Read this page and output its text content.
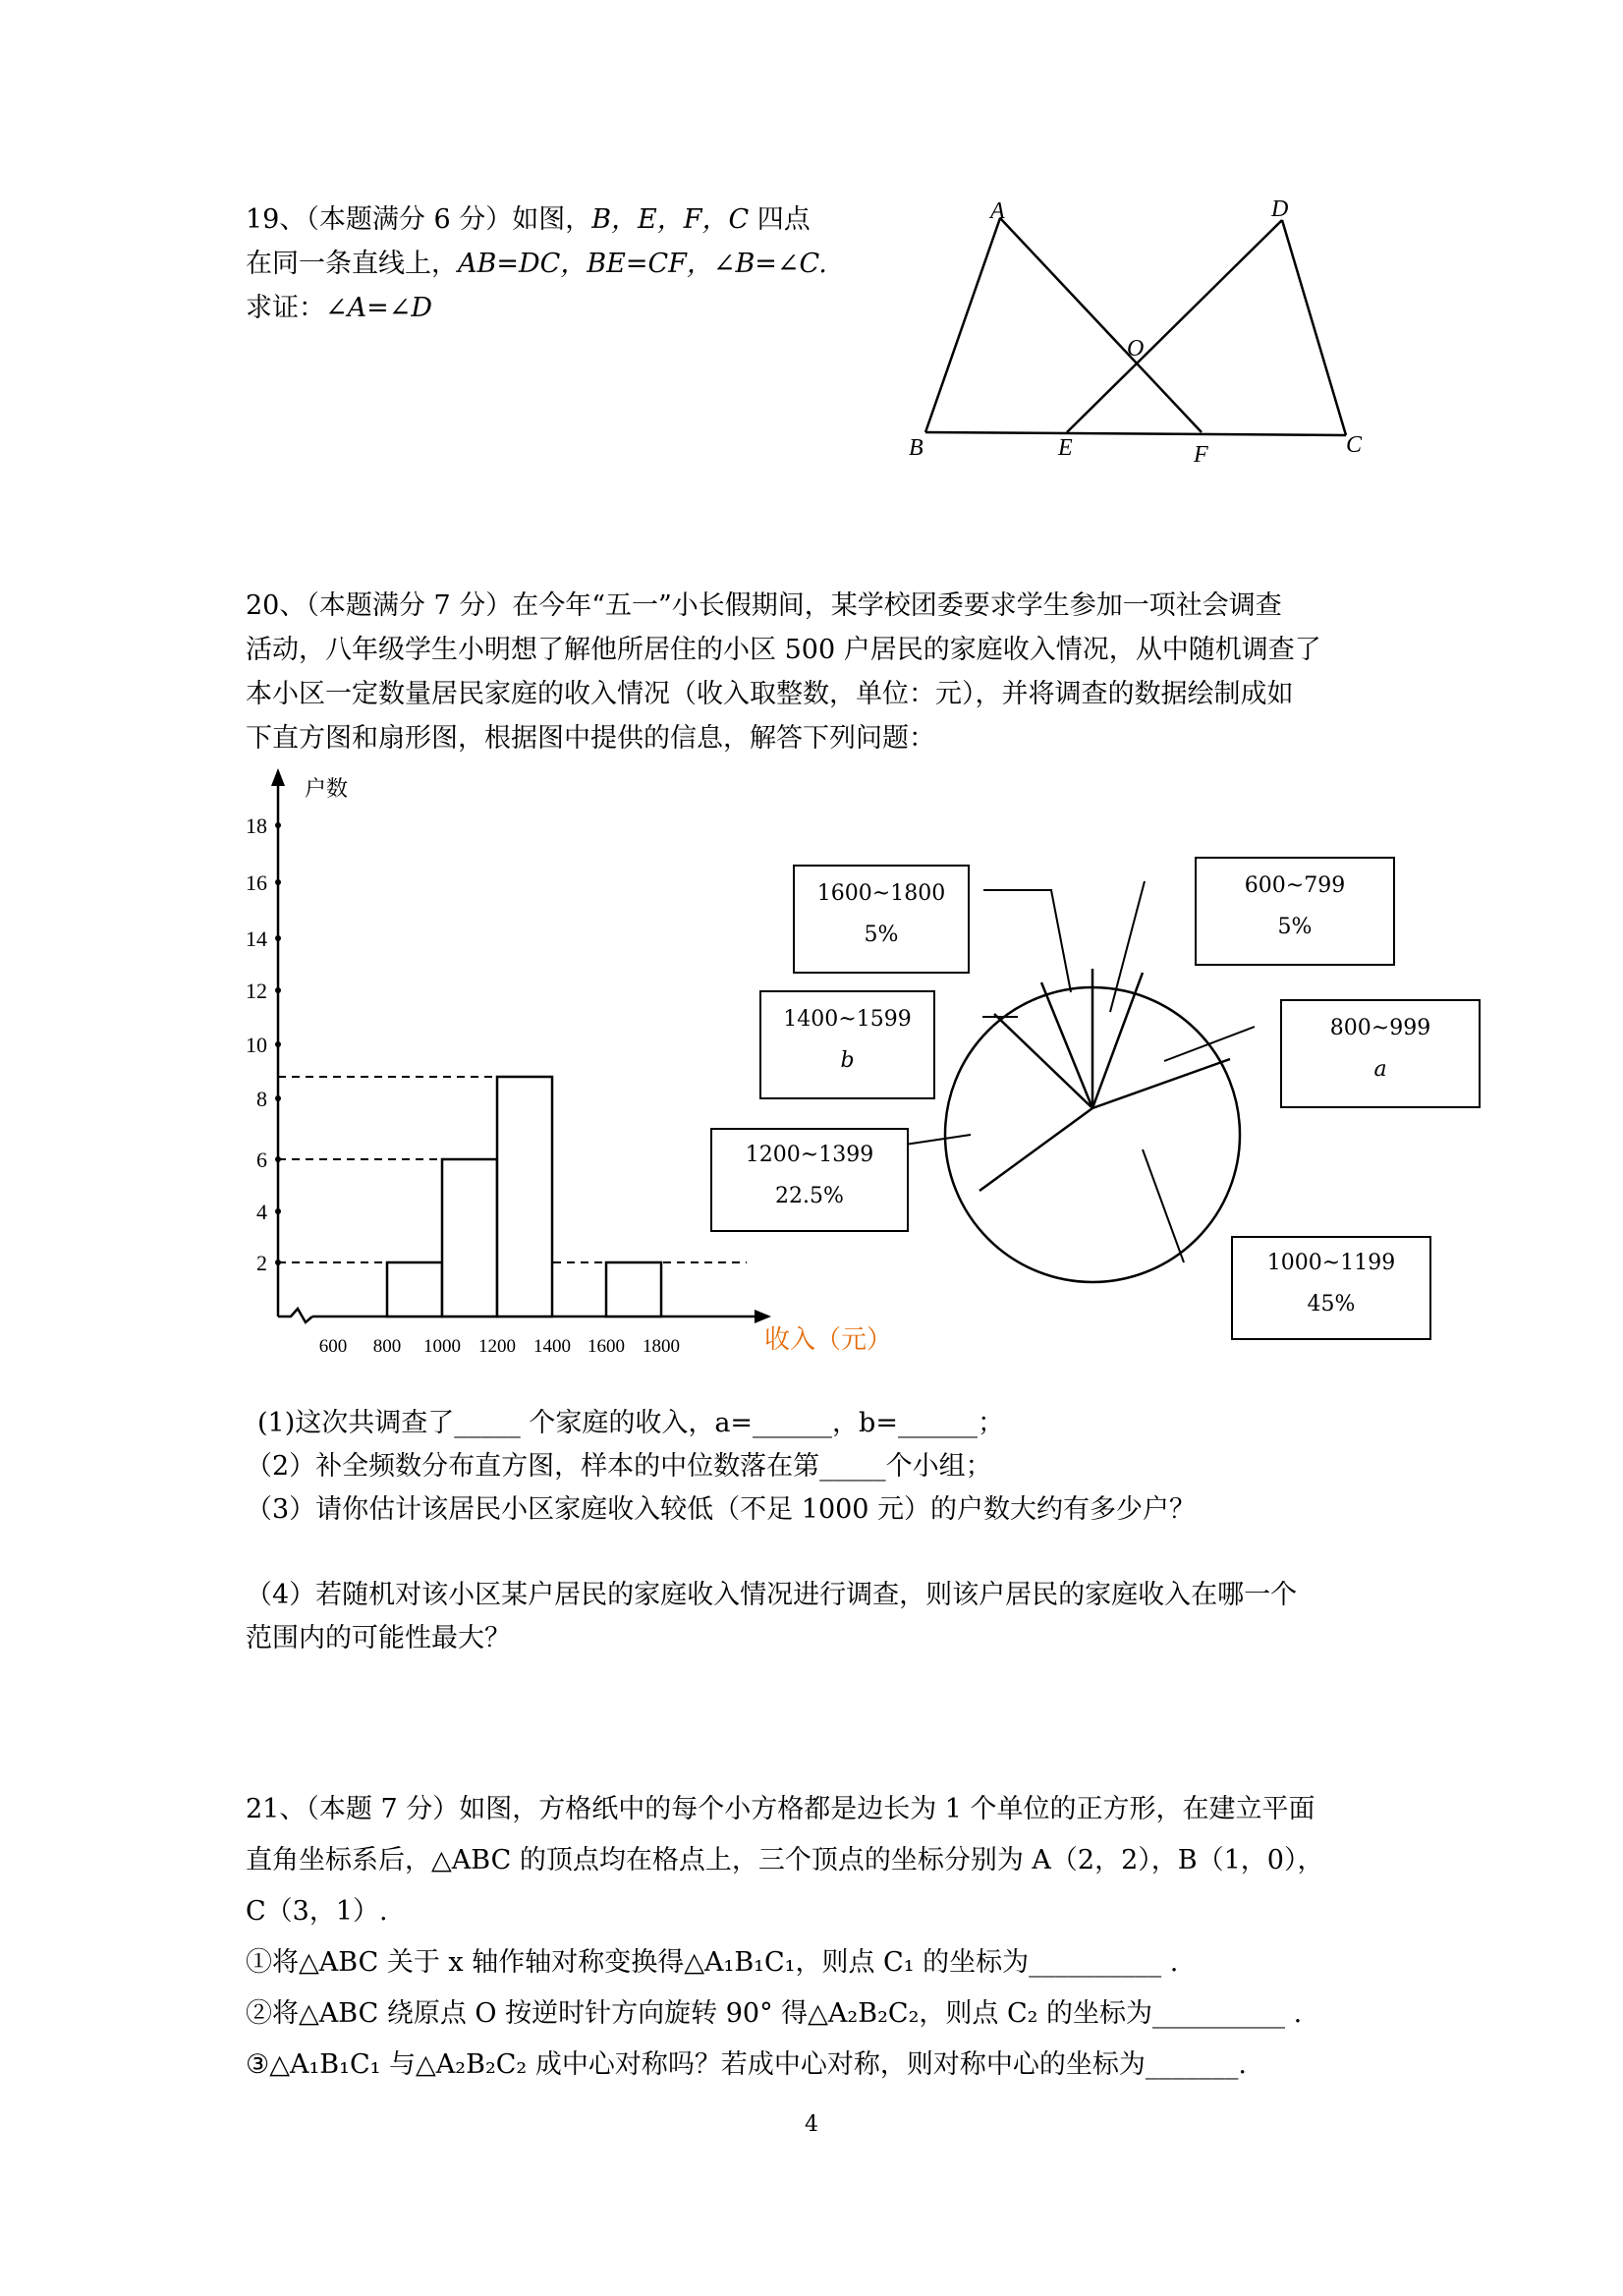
19、（本题满分 6 分）如图，B，E，F，C 四点
在同一条直线上，AB=DC，BE=CF，∠B=∠C.
求证：∠A=∠D
A	D
O
B	E	F	C
20、（本题满分 7 分）在今年“五一”小长假期间，某学校团委要求学生参加一项社会调查
活动，八年级学生小明想了解他所居住的小区 500 户居民的家庭收入情况，从中随机调查了
本小区一定数量居民家庭的收入情况（收入取整数，单位：元），并将调查的数据绘制成如
下直方图和扇形图，根据图中提供的信息，解答下列问题：
户数
收入（元）
2
4
6
8
10
12
14
16
18
600 800 1000 1200 1400 1600 1800
1600~1800
5%
600~799
5%
1400~1599
b
800~999
a
1200~1399
22.5%
1000~1199
45%
(1)这次共调查了_____ 个家庭的收入，a=______，b=______；
（2）补全频数分布直方图，样本的中位数落在第_____个小组；
（3）请你估计该居民小区家庭收入较低（不足 1000 元）的户数大约有多少户？
（4）若随机对该小区某户居民的家庭收入情况进行调查，则该户居民的家庭收入在哪一个
范围内的可能性最大？
21、（本题 7 分）如图，方格纸中的每个小方格都是边长为 1 个单位的正方形，在建立平面
直角坐标系后，△ABC 的顶点均在格点上，三个顶点的坐标分别为 A（2，2），B（1，0），
C（3，1）.
①将△ABC 关于 x 轴作轴对称变换得△A₁B₁C₁，则点 C₁ 的坐标为__________ .
②将△ABC 绕原点 O 按逆时针方向旋转 90° 得△A₂B₂C₂，则点 C₂ 的坐标为__________ .
③△A₁B₁C₁ 与△A₂B₂C₂ 成中心对称吗？若成中心对称，则对称中心的坐标为_______.
4
